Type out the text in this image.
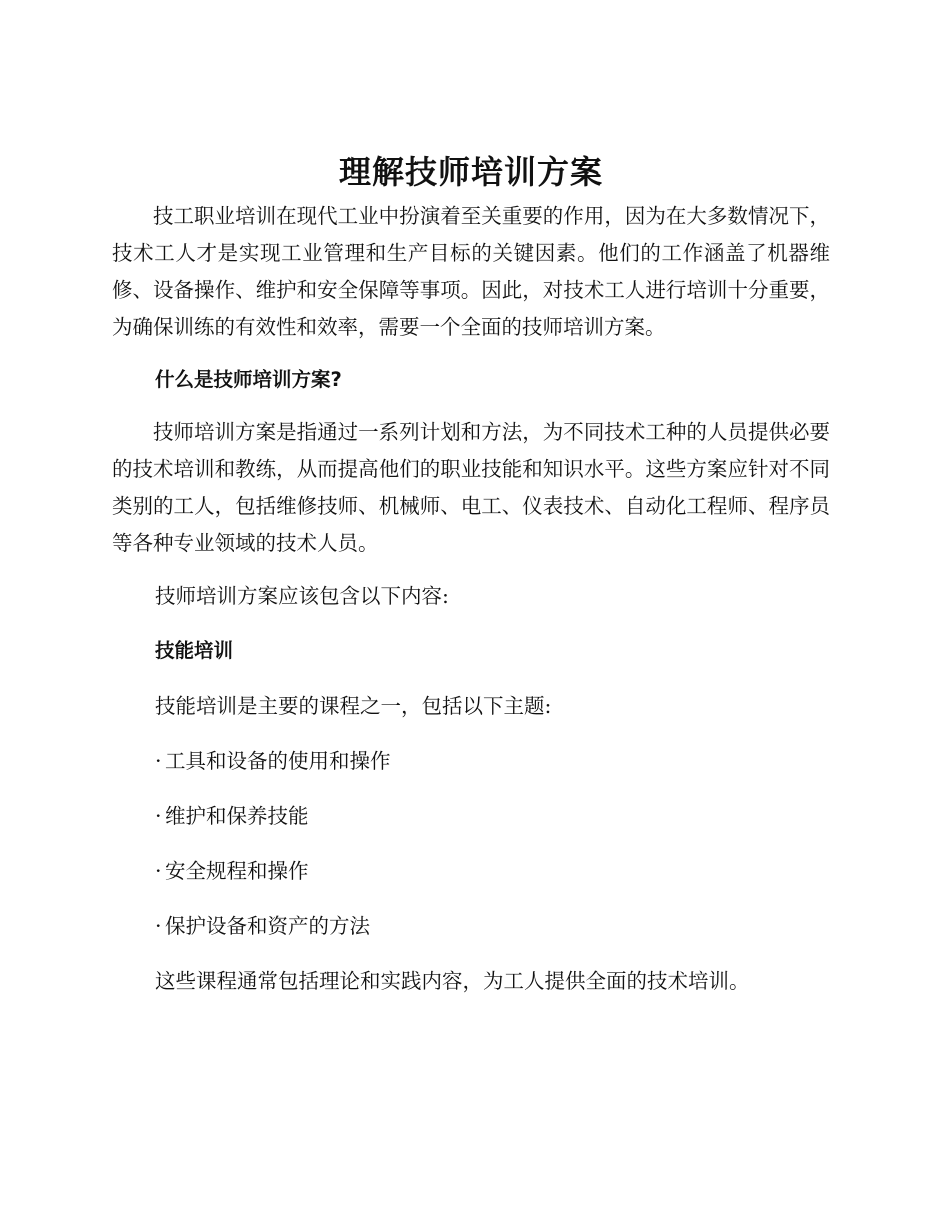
理解技师培训方案

技工职业培训在现代工业中扮演着至关重要的作用，因为在大多数情况下，技术工人才是实现工业管理和生产目标的关键因素。他们的工作涵盖了机器维修、设备操作、维护和安全保障等事项。因此，对技术工人进行培训十分重要，为确保训练的有效性和效率，需要一个全面的技师培训方案。

什么是技师培训方案?

技师培训方案是指通过一系列计划和方法，为不同技术工种的人员提供必要的技术培训和教练，从而提高他们的职业技能和知识水平。这些方案应针对不同类别的工人，包括维修技师、机械师、电工、仪表技术、自动化工程师、程序员等各种专业领域的技术人员。

技师培训方案应该包含以下内容:

技能培训

技能培训是主要的课程之一，包括以下主题:

· 工具和设备的使用和操作

· 维护和保养技能

· 安全规程和操作

· 保护设备和资产的方法

这些课程通常包括理论和实践内容，为工人提供全面的技术培训。
